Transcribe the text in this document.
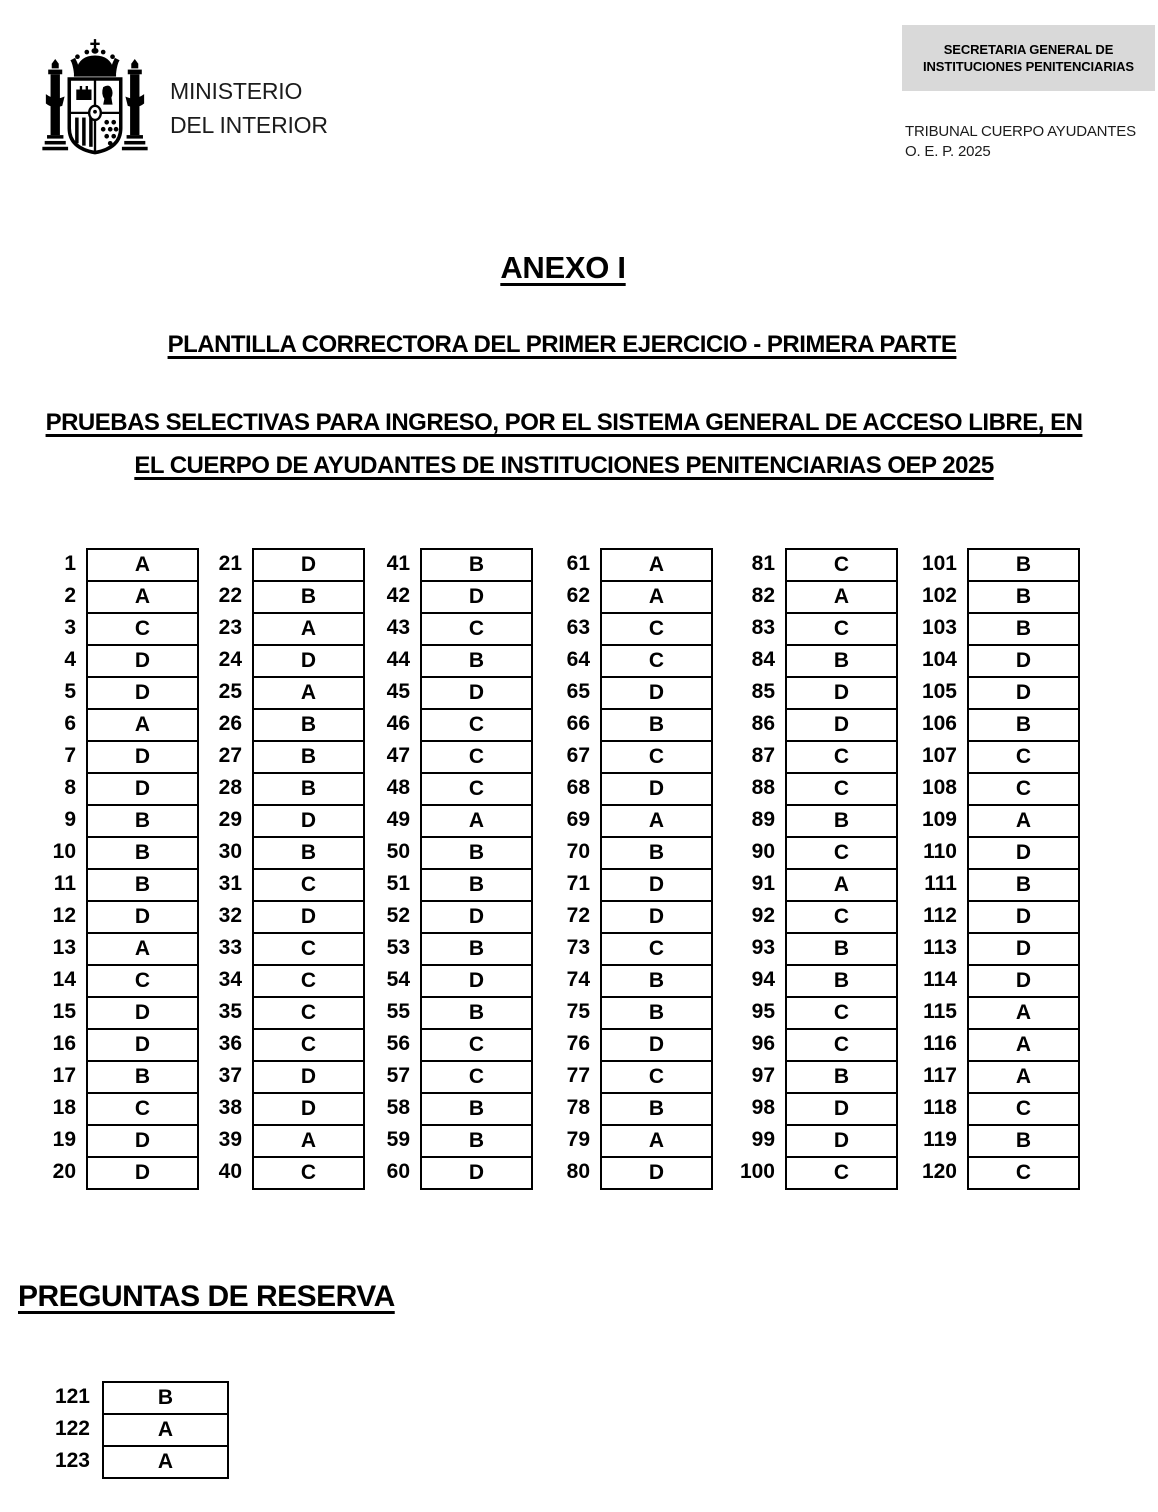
MINISTERIO
DEL INTERIOR
SECRETARIA GENERAL DE
INSTITUCIONES PENITENCIARIAS
TRIBUNAL CUERPO AYUDANTES
O. E. P. 2025
ANEXO I
PLANTILLA CORRECTORA DEL PRIMER EJERCICIO - PRIMERA PARTE
PRUEBAS SELECTIVAS PARA INGRESO, POR EL SISTEMA GENERAL DE ACCESO LIBRE, EN
EL CUERPO DE AYUDANTES DE INSTITUCIONES PENITENCIARIAS OEP 2025
1	A
2	A
3	C
4	D
5	D
6	A
7	D
8	D
9	B
10	B
11	B
12	D
13	A
14	C
15	D
16	D
17	B
18	C
19	D
20	D
21	D
22	B
23	A
24	D
25	A
26	B
27	B
28	B
29	D
30	B
31	C
32	D
33	C
34	C
35	C
36	C
37	D
38	D
39	A
40	C
41	B
42	D
43	C
44	B
45	D
46	C
47	C
48	C
49	A
50	B
51	B
52	D
53	B
54	D
55	B
56	C
57	C
58	B
59	B
60	D
61	A
62	A
63	C
64	C
65	D
66	B
67	C
68	D
69	A
70	B
71	D
72	D
73	C
74	B
75	B
76	D
77	C
78	B
79	A
80	D
81	C
82	A
83	C
84	B
85	D
86	D
87	C
88	C
89	B
90	C
91	A
92	C
93	B
94	B
95	C
96	C
97	B
98	D
99	D
100	C
101	B
102	B
103	B
104	D
105	D
106	B
107	C
108	C
109	A
110	D
111	B
112	D
113	D
114	D
115	A
116	A
117	A
118	C
119	B
120	C
PREGUNTAS DE RESERVA
121	B
122	A
123	A
